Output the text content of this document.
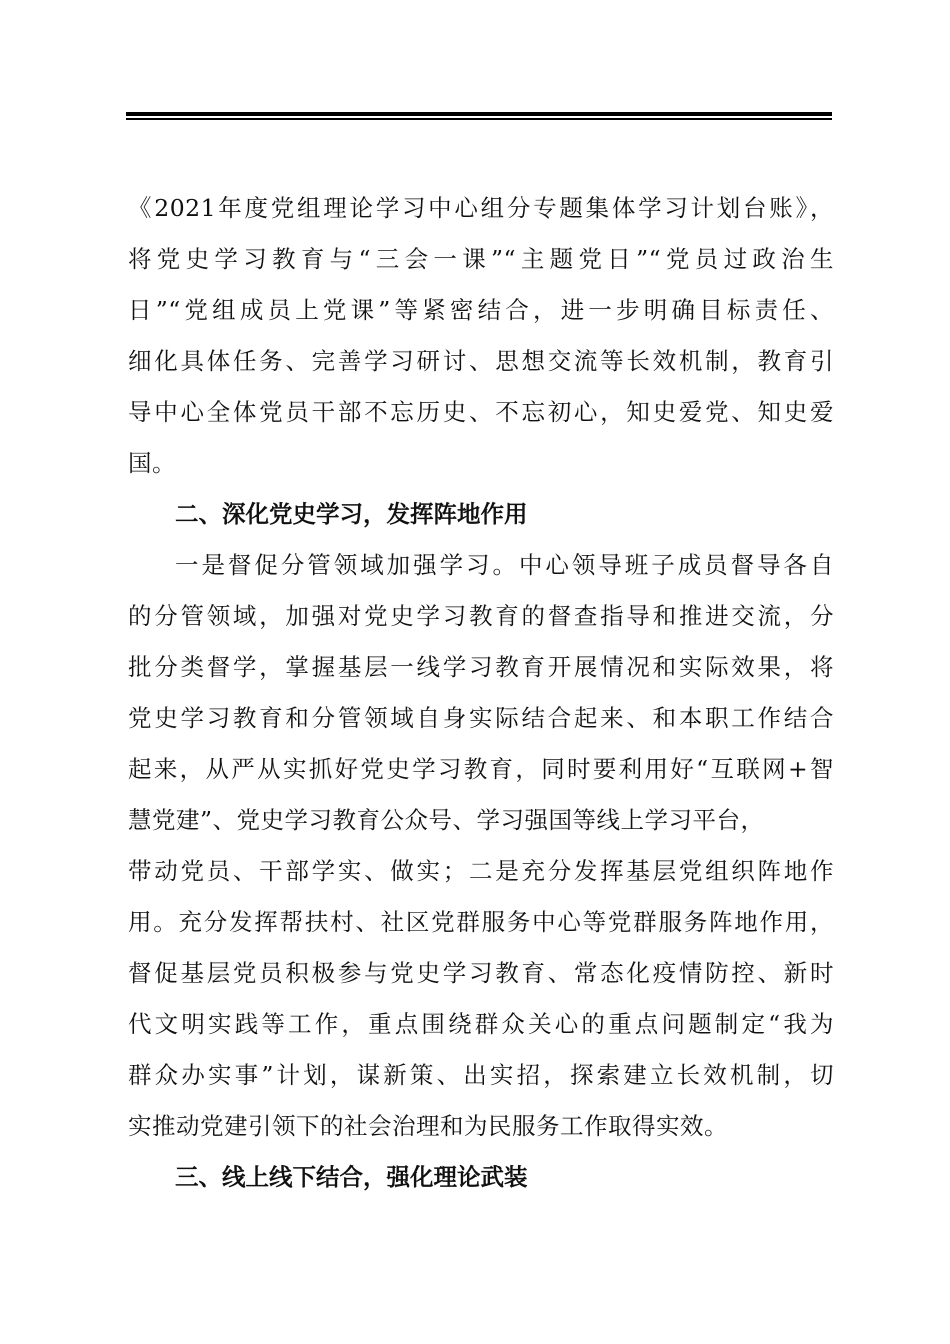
《2021年度党组理论学习中心组分专题集体学习计划台账》，
将党史学习教育与“三会一课”“主题党日”“党员过政治生
日”“党组成员上党课”等紧密结合，进一步明确目标责任、
细化具体任务、完善学习研讨、思想交流等长效机制，教育引
导中心全体党员干部不忘历史、不忘初心，知史爱党、知史爱
国。
二、深化党史学习，发挥阵地作用
一是督促分管领域加强学习。中心领导班子成员督导各自
的分管领域，加强对党史学习教育的督查指导和推进交流，分
批分类督学，掌握基层一线学习教育开展情况和实际效果，将
党史学习教育和分管领域自身实际结合起来、和本职工作结合
起来，从严从实抓好党史学习教育，同时要利用好“互联网+智
慧党建”、党史学习教育公众号、学习强国等线上学习平台，
带动党员、干部学实、做实；二是充分发挥基层党组织阵地作
用。充分发挥帮扶村、社区党群服务中心等党群服务阵地作用，
督促基层党员积极参与党史学习教育、常态化疫情防控、新时
代文明实践等工作，重点围绕群众关心的重点问题制定“我为
群众办实事”计划，谋新策、出实招，探索建立长效机制，切
实推动党建引领下的社会治理和为民服务工作取得实效。
三、线上线下结合，强化理论武装
